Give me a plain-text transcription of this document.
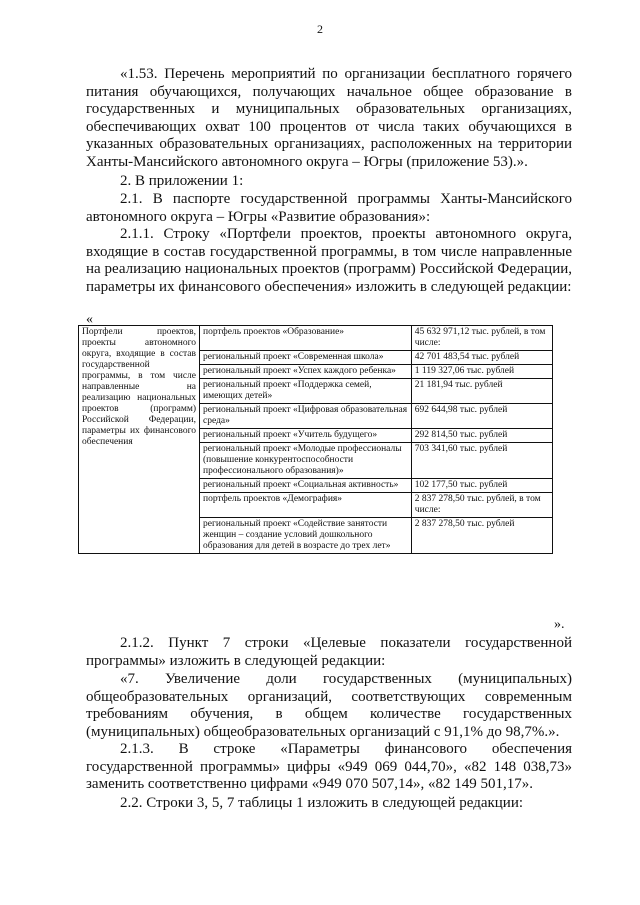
2
«1.53. Перечень мероприятий по организации бесплатного горячего питания обучающихся, получающих начальное общее образование в государственных и муниципальных образовательных организациях, обеспечивающих охват 100 процентов от числа таких обучающихся в указанных образовательных организациях, расположенных на территории Ханты-Мансийского автономного округа – Югры (приложение 53).».
2. В приложении 1:
2.1. В паспорте государственной программы Ханты-Мансийского автономного округа – Югры «Развитие образования»:
2.1.1. Строку «Портфели проектов, проекты автономного округа, входящие в состав государственной программы, в том числе направленные на реализацию национальных проектов (программ) Российской Федерации, параметры их финансового обеспечения» изложить в следующей редакции:
«
Портфели проектов, проекты автономного округа, входящие в состав государственной программы, в том числе направленные на реализацию национальных проектов (программ) Российской Федерации, параметры их финансового обеспечения	портфель проектов «Образование»	45 632 971,12 тыс. рублей, в том числе:
	региональный проект «Современная школа»	42 701 483,54 тыс. рублей
	региональный проект «Успех каждого ребенка»	1 119 327,06 тыс. рублей
	региональный проект «Поддержка семей, имеющих детей»	21 181,94 тыс. рублей
	региональный проект «Цифровая образовательная среда»	692 644,98 тыс. рублей
	региональный проект «Учитель будущего»	292 814,50 тыс. рублей
	региональный проект «Молодые профессионалы (повышение конкурентоспособности профессионального образования)»	703 341,60 тыс. рублей
	региональный проект «Социальная активность»	102 177,50 тыс. рублей
	портфель проектов «Демография»	2 837 278,50 тыс. рублей, в том числе:
	региональный проект «Содействие занятости женщин – создание условий дошкольного образования для детей в возрасте до трех лет»	2 837 278,50 тыс. рублей
».
2.1.2. Пункт 7 строки «Целевые показатели государственной программы» изложить в следующей редакции:
«7. Увеличение доли государственных (муниципальных) общеобразовательных организаций, соответствующих современным требованиям обучения, в общем количестве государственных (муниципальных) общеобразовательных организаций с 91,1% до 98,7%.».
2.1.3. В строке «Параметры финансового обеспечения государственной программы» цифры «949 069 044,70», «82 148 038,73» заменить соответственно цифрами «949 070 507,14», «82 149 501,17».
2.2. Строки 3, 5, 7 таблицы 1 изложить в следующей редакции:
